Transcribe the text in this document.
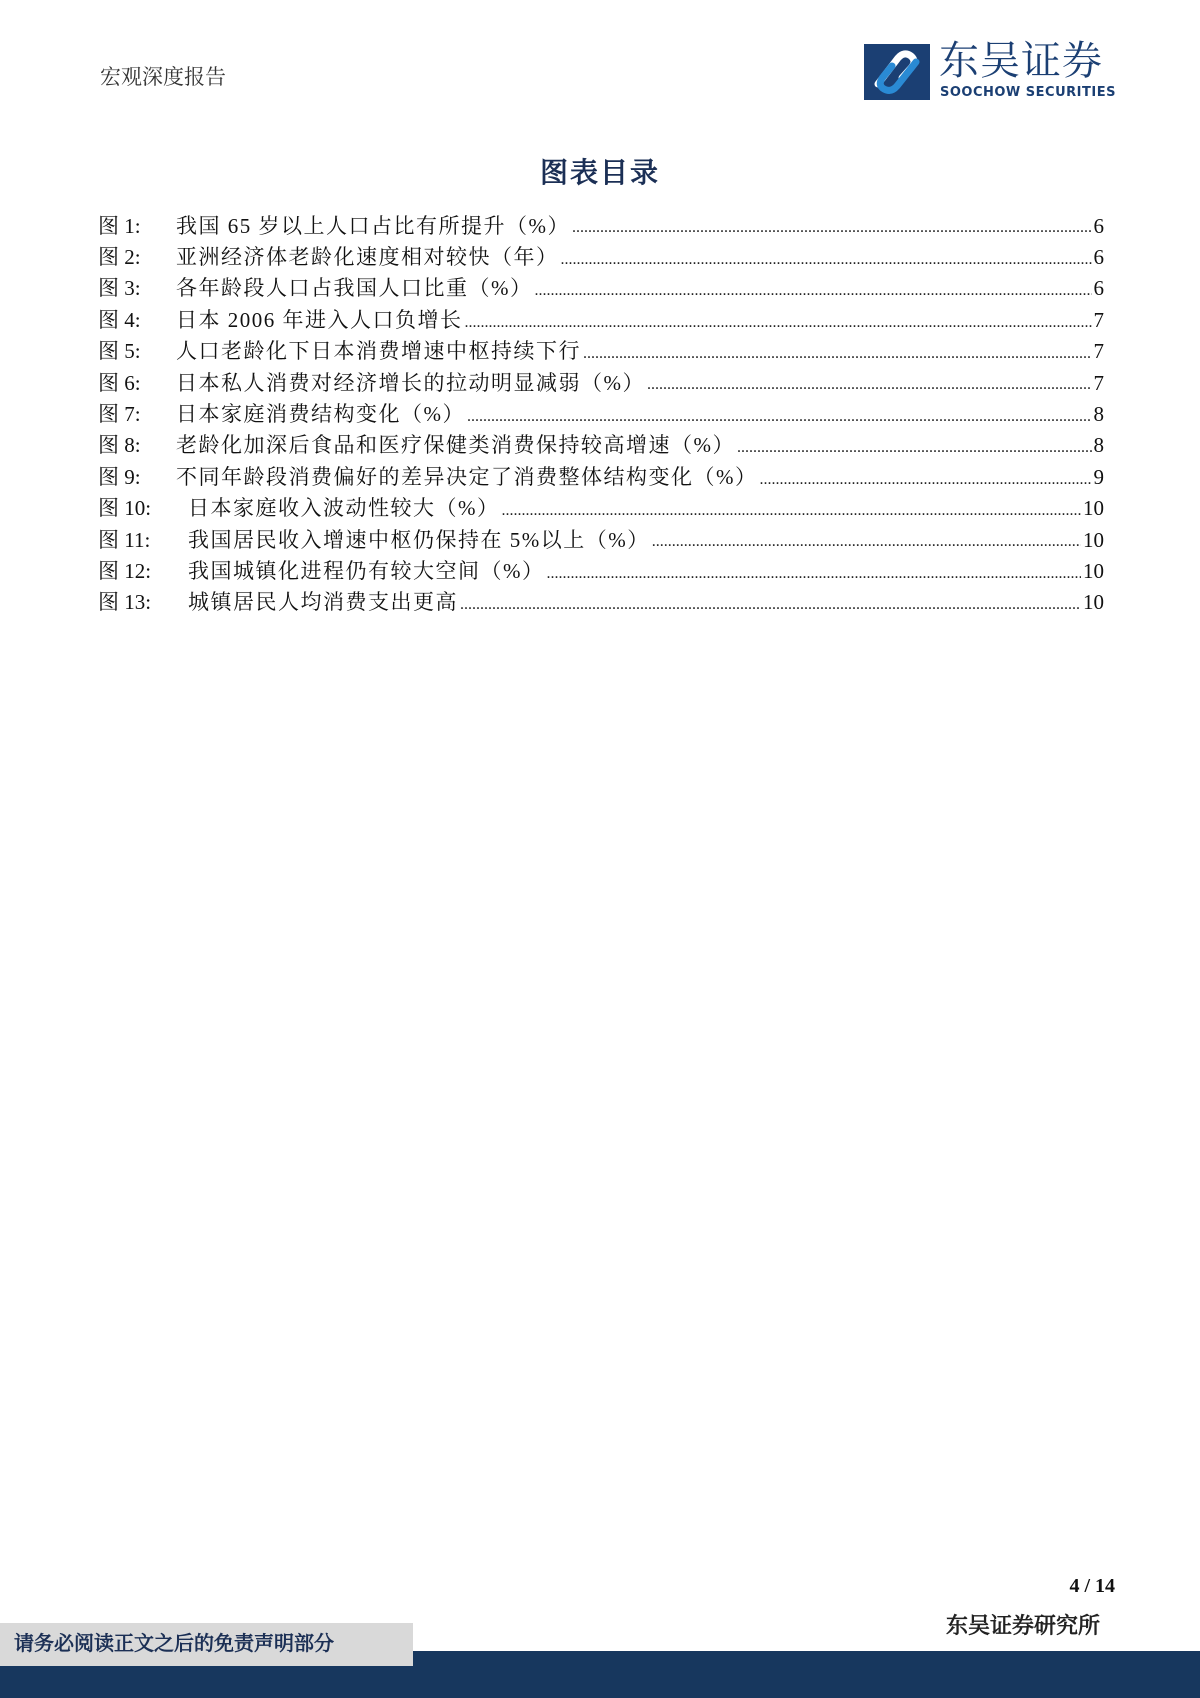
宏观深度报告	东吴证券
SOOCHOW SECURITIES
图表目录
图 1:	我国 65 岁以上人口占比有所提升（%） .....	6
图 2:	亚洲经济体老龄化速度相对较快（年） .....	6
图 3:	各年龄段人口占我国人口比重（%） .....	6
图 4:	日本 2006 年进入人口负增长 .....	7
图 5:	人口老龄化下日本消费增速中枢持续下行 .....	7
图 6:	日本私人消费对经济增长的拉动明显减弱（%） .....	7
图 7:	日本家庭消费结构变化（%） .....	8
图 8:	老龄化加深后食品和医疗保健类消费保持较高增速（%） .....	8
图 9:	不同年龄段消费偏好的差异决定了消费整体结构变化（%） .....	9
图 10:	日本家庭收入波动性较大（%） .....	10
图 11:	我国居民收入增速中枢仍保持在 5%以上（%） .....	10
图 12:	我国城镇化进程仍有较大空间（%） .....	10
图 13:	城镇居民人均消费支出更高 .....	10
4 / 14
东吴证券研究所
请务必阅读正文之后的免责声明部分
